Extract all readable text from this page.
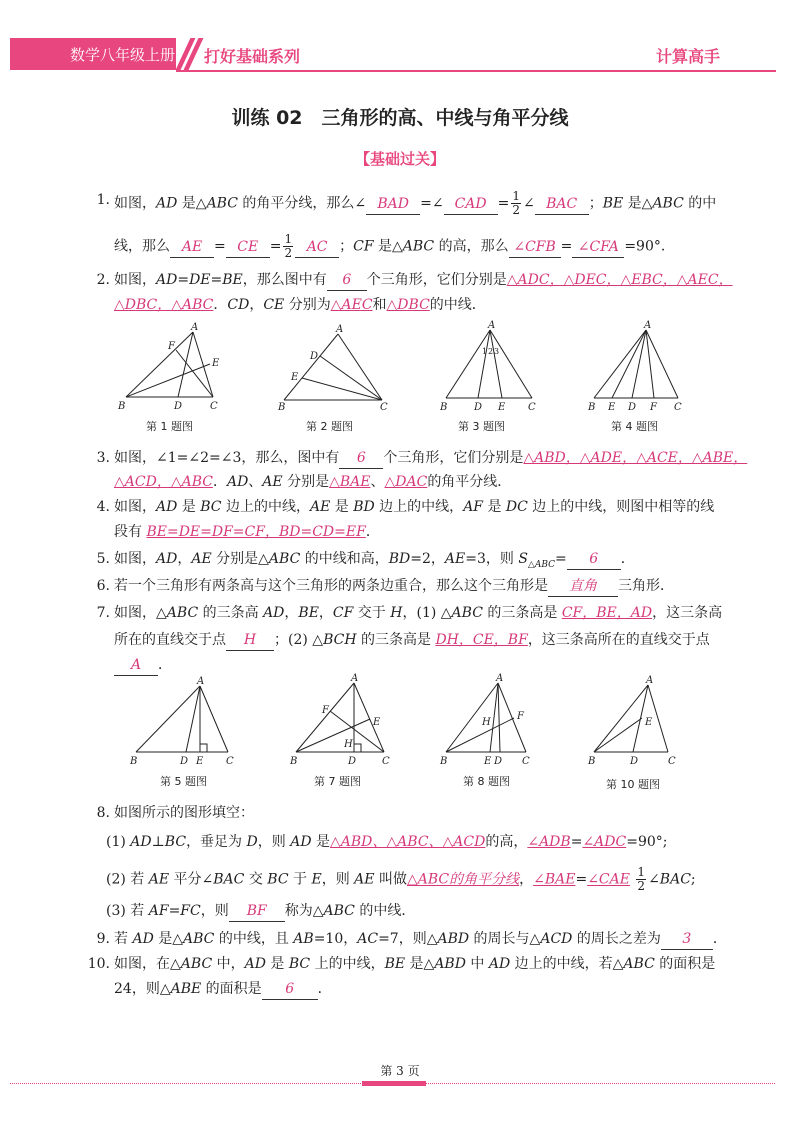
数学八年级上册 打好基础系列	计算高手
训练 02　三角形的高、中线与角平分线
【基础过关】
1. 如图，AD 是△ABC 的角平分线，那么∠ BAD =∠ CAD = $\frac{1}{2}$ ∠ BAC ；BE 是△ABC 的中
线，那么 AE = CE = $\frac{1}{2}$ AC ；CF 是△ABC 的高，那么 ∠CFB = ∠CFA =90°.
2. 如图，AD=DE=BE，那么图中有 6 个三角形，它们分别是△ADC，△DEC，△EBC，△AEC，
△DBC，△ABC．CD，CE 分别为△AEC和△DBC的中线．
A
B	D	C
F
E
第 1 题图
A
B	C
D
E
第 2 题图
A
B	D E C
1 2 3
第 3 题图
A
B E D F C
第 4 题图
3. 如图，∠1=∠2=∠3，那么，图中有 6 个三角形，它们分别是△ABD，△ADE，△ACE，△ABE，
△ACD，△ABC．AD、AE 分别是△BAE、△DAC的角平分线．
4. 如图，AD 是 BC 边上的中线，AE 是 BD 边上的中线，AF 是 DC 边上的中线，则图中相等的线
段有 BE=DE=DF=CF，BD=CD=EF．
5. 如图，AD，AE 分别是△ABC 的中线和高，BD=2，AE=3，则 $S_{\triangle ABC}= 6$ ．
6. 若一个三角形有两条高与这个三角形的两条边重合，那么这个三角形是 直角 三角形．
7. 如图，△ABC 的三条高 AD，BE，CF 交于 H，(1) △ABC 的三条高是 CF，BE，AD，这三条高
所在的直线交于点 H ；(2) △BCH 的三条高是 DH，CE，BF，这三条高所在的直线交于点
A ．
A
B	D E C
第 5 题图
A
B	D	C
F
E
H
第 7 题图
A
B	E D C
H
F
第 8 题图
A
B	D	C
E
第 10 题图
8. 如图所示的图形填空：
(1) AD⊥BC，垂足为 D，则 AD 是△ABD、△ABC、△ACD的高，∠ADB=∠ADC=90°;
(2) 若 AE 平分∠BAC 交 BC 于 E，则 AE 叫做△ABC的角平分线，∠BAE=∠CAE $\frac{1}{2}$ ∠BAC;
(3) 若 AF=FC，则 BF 称为△ABC 的中线．
9. 若 AD 是△ABC 的中线，且 AB=10，AC=7，则△ABD 的周长与△ACD 的周长之差为 3 ．
10. 如图，在△ABC 中，AD 是 BC 上的中线，BE 是△ABD 中 AD 边上的中线，若△ABC 的面积是
24，则△ABE 的面积是 6 ．
第 3 页
